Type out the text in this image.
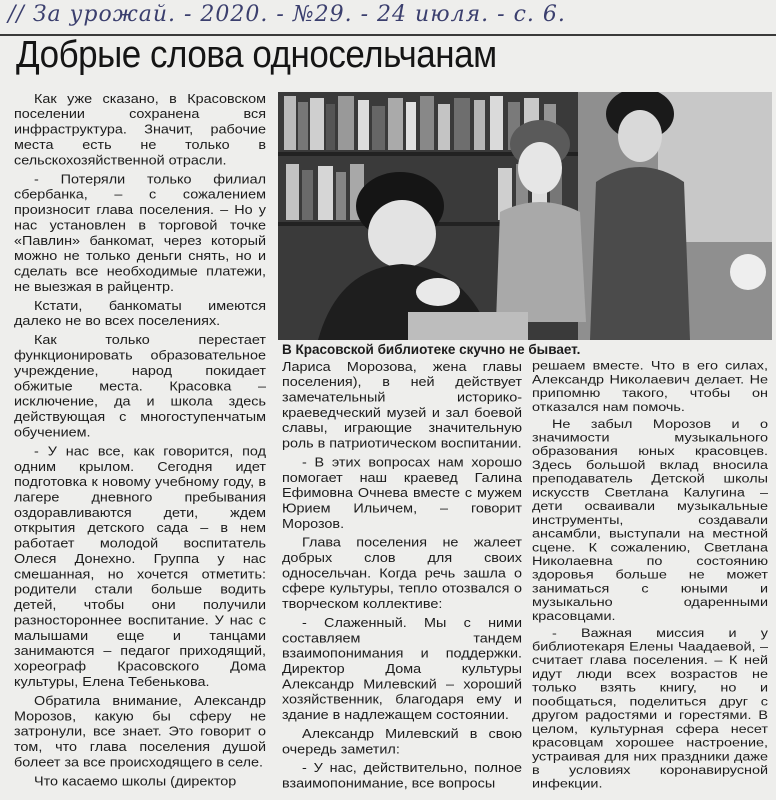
// За урожай. - 2020. - №29. - 24 июля. - с. 6.
Добрые слова односельчанам

Как уже сказано, в Красовском поселении сохранена вся инфраструктура. Значит, рабочие места есть не только в сельскохозяйственной отрасли.

- Потеряли только филиал сбербанка, – с сожалением произносит глава поселения. – Но у нас установлен в торговой точке «Павлин» банкомат, через который можно не только деньги снять, но и сделать все необходимые платежи, не выезжая в райцентр.

Кстати, банкоматы имеются далеко не во всех поселениях.

Как только перестает функционировать образовательное учреждение, народ покидает обжитые места. Красовка – исключение, да и школа здесь действующая с многоступенчатым обучением.

- У нас все, как говорится, под одним крылом. Сегодня идет подготовка к новому учебному году, в лагере дневного пребывания оздоравливаются дети, ждем открытия детского сада – в нем работает молодой воспитатель Олеся Донехно. Группа у нас смешанная, но хочется отметить: родители стали больше водить детей, чтобы они получили разностороннее воспитание. У нас с малышами еще и танцами занимаются – педагог приходящий, хореограф Красовского Дома культуры, Елена Тебенькова.

Обратила внимание, Александр Морозов, какую бы сферу не затронули, все знает. Это говорит о том, что глава поселения душой болеет за все происходящего в селе.

Что касаемо школы (директор

В Красовской библиотеке скучно не бывает.

Лариса Морозова, жена главы поселения), в ней действует замечательный историко-краеведческий музей и зал боевой славы, играющие значительную роль в патриотическом воспитании.

- В этих вопросах нам хорошо помогает наш краевед Галина Ефимовна Очнева вместе с мужем Юрием Ильичем, – говорит Морозов.

Глава поселения не жалеет добрых слов для своих односельчан. Когда речь зашла о сфере культуры, тепло отозвался о творческом коллективе:

- Слаженный. Мы с ними составляем тандем взаимопонимания и поддержки. Директор Дома культуры Александр Милевский – хороший хозяйственник, благодаря ему и здание в надлежащем состоянии.

Александр Милевский в свою очередь заметил:

- У нас, действительно, полное взаимопонимание, все вопросы

решаем вместе. Что в его силах, Александр Николаевич делает. Не припомню такого, чтобы он отказался нам помочь.

Не забыл Морозов и о значимости музыкального образования юных красовцев. Здесь большой вклад вносила преподаватель Детской школы искусств Светлана Калугина – дети осваивали музыкальные инструменты, создавали ансамбли, выступали на местной сцене. К сожалению, Светлана Николаевна по состоянию здоровья больше не может заниматься с юными и музыкально одаренными красовцами.

- Важная миссия и у библиотекаря Елены Чаадаевой, – считает глава поселения. – К ней идут люди всех возрастов не только взять книгу, но и пообщаться, поделиться друг с другом радостями и горестями. В целом, культурная сфера несет красовцам хорошее настроение, устраивая для них праздники даже в условиях коронавирусной инфекции.
